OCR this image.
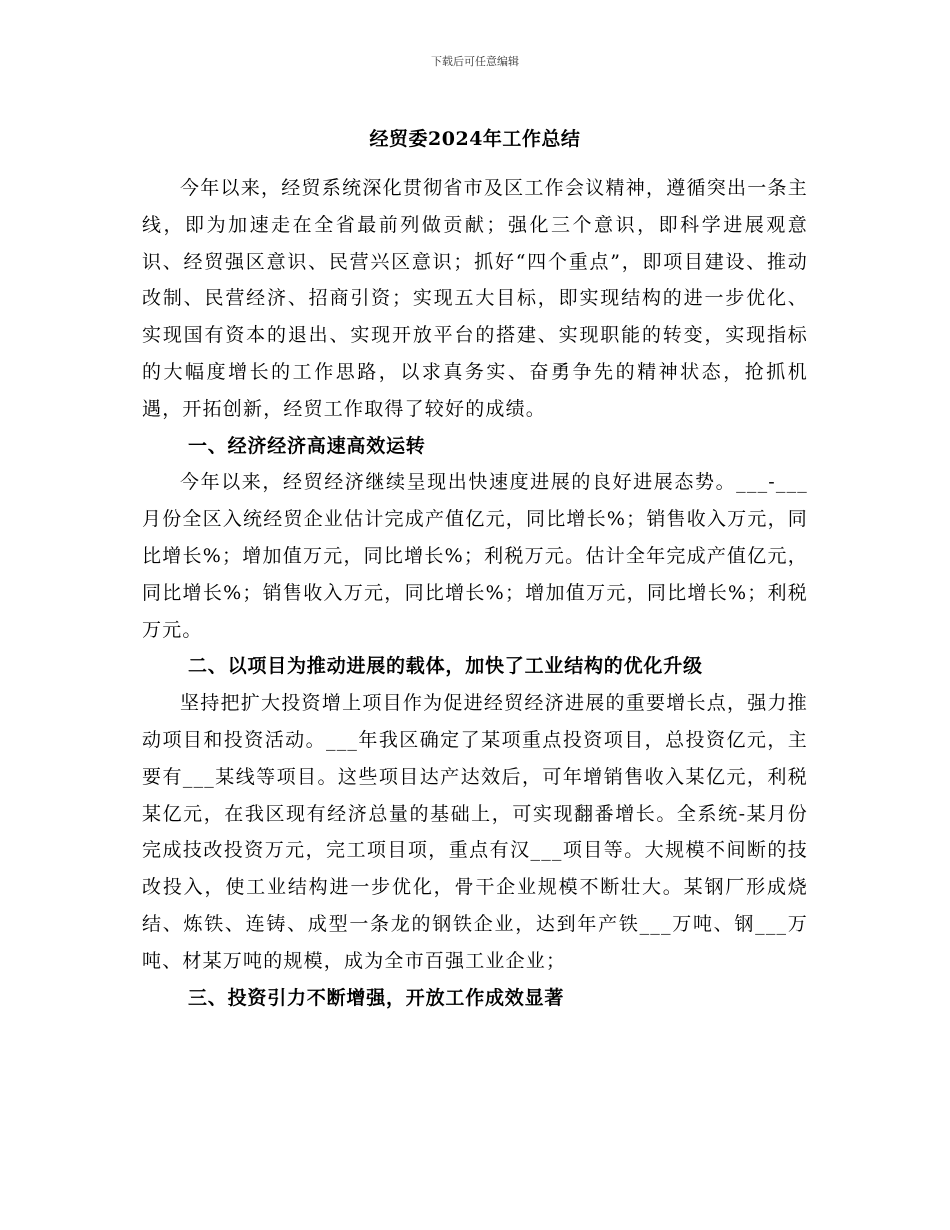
下载后可任意编辑
经贸委2024年工作总结

今年以来，经贸系统深化贯彻省市及区工作会议精神，遵循突出一条主线，即为加速走在全省最前列做贡献；强化三个意识，即科学进展观意识、经贸强区意识、民营兴区意识；抓好“四个重点”，即项目建设、推动改制、民营经济、招商引资；实现五大目标，即实现结构的进一步优化、实现国有资本的退出、实现开放平台的搭建、实现职能的转变，实现指标的大幅度增长的工作思路，以求真务实、奋勇争先的精神状态，抢抓机遇，开拓创新，经贸工作取得了较好的成绩。

一、经济经济高速高效运转

今年以来，经贸经济继续呈现出快速度进展的良好进展态势。___-___月份全区入统经贸企业估计完成产值亿元，同比增长%；销售收入万元，同比增长%；增加值万元，同比增长%；利税万元。估计全年完成产值亿元，同比增长%；销售收入万元，同比增长%；增加值万元，同比增长%；利税万元。

二、以项目为推动进展的载体，加快了工业结构的优化升级

坚持把扩大投资增上项目作为促进经贸经济进展的重要增长点，强力推动项目和投资活动。___年我区确定了某项重点投资项目，总投资亿元，主要有___某线等项目。这些项目达产达效后，可年增销售收入某亿元，利税某亿元，在我区现有经济总量的基础上，可实现翻番增长。全系统-某月份完成技改投资万元，完工项目项，重点有汉___项目等。大规模不间断的技改投入，使工业结构进一步优化，骨干企业规模不断壮大。某钢厂形成烧结、炼铁、连铸、成型一条龙的钢铁企业，达到年产铁___万吨、钢___万吨、材某万吨的规模，成为全市百强工业企业；

三、投资引力不断增强，开放工作成效显著
